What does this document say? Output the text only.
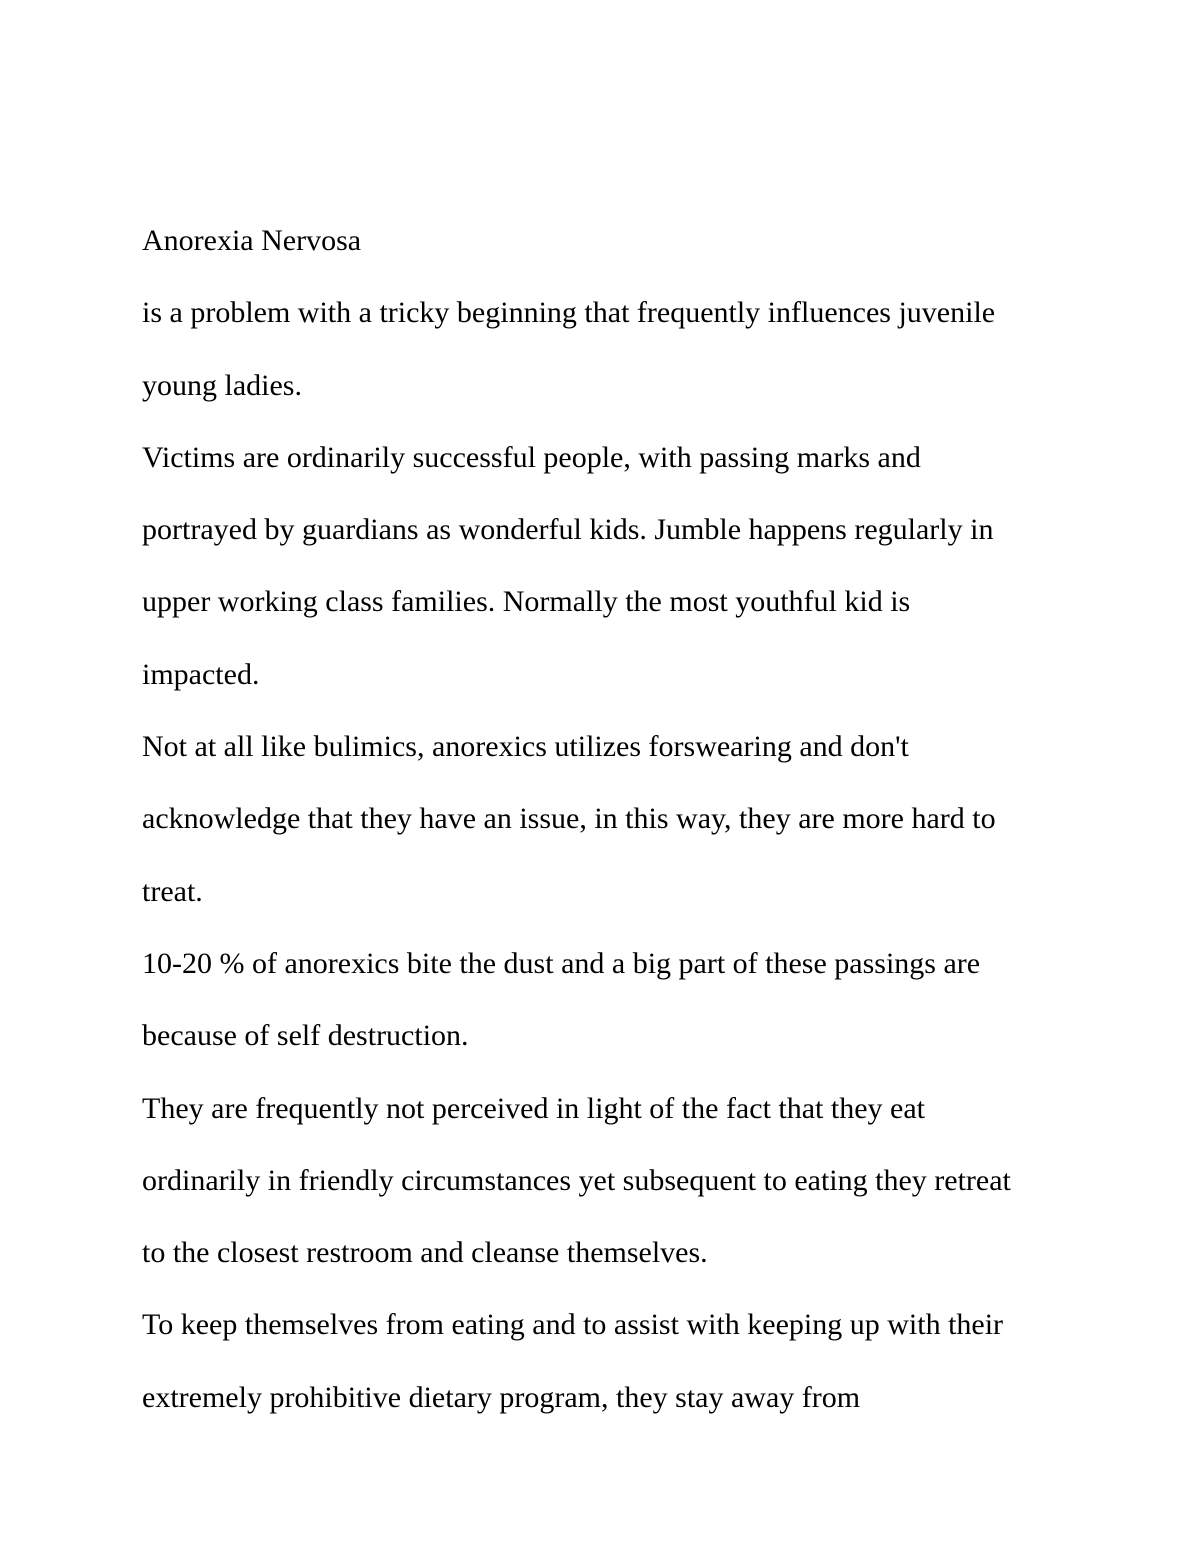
Anorexia Nervosa
is a problem with a tricky beginning that frequently influences juvenile
young ladies.
Victims are ordinarily successful people, with passing marks and
portrayed by guardians as wonderful kids. Jumble happens regularly in
upper working class families. Normally the most youthful kid is
impacted.
Not at all like bulimics, anorexics utilizes forswearing and don't
acknowledge that they have an issue, in this way, they are more hard to
treat.
10-20 % of anorexics bite the dust and a big part of these passings are
because of self destruction.
They are frequently not perceived in light of the fact that they eat
ordinarily in friendly circumstances yet subsequent to eating they retreat
to the closest restroom and cleanse themselves.
To keep themselves from eating and to assist with keeping up with their
extremely prohibitive dietary program, they stay away from
